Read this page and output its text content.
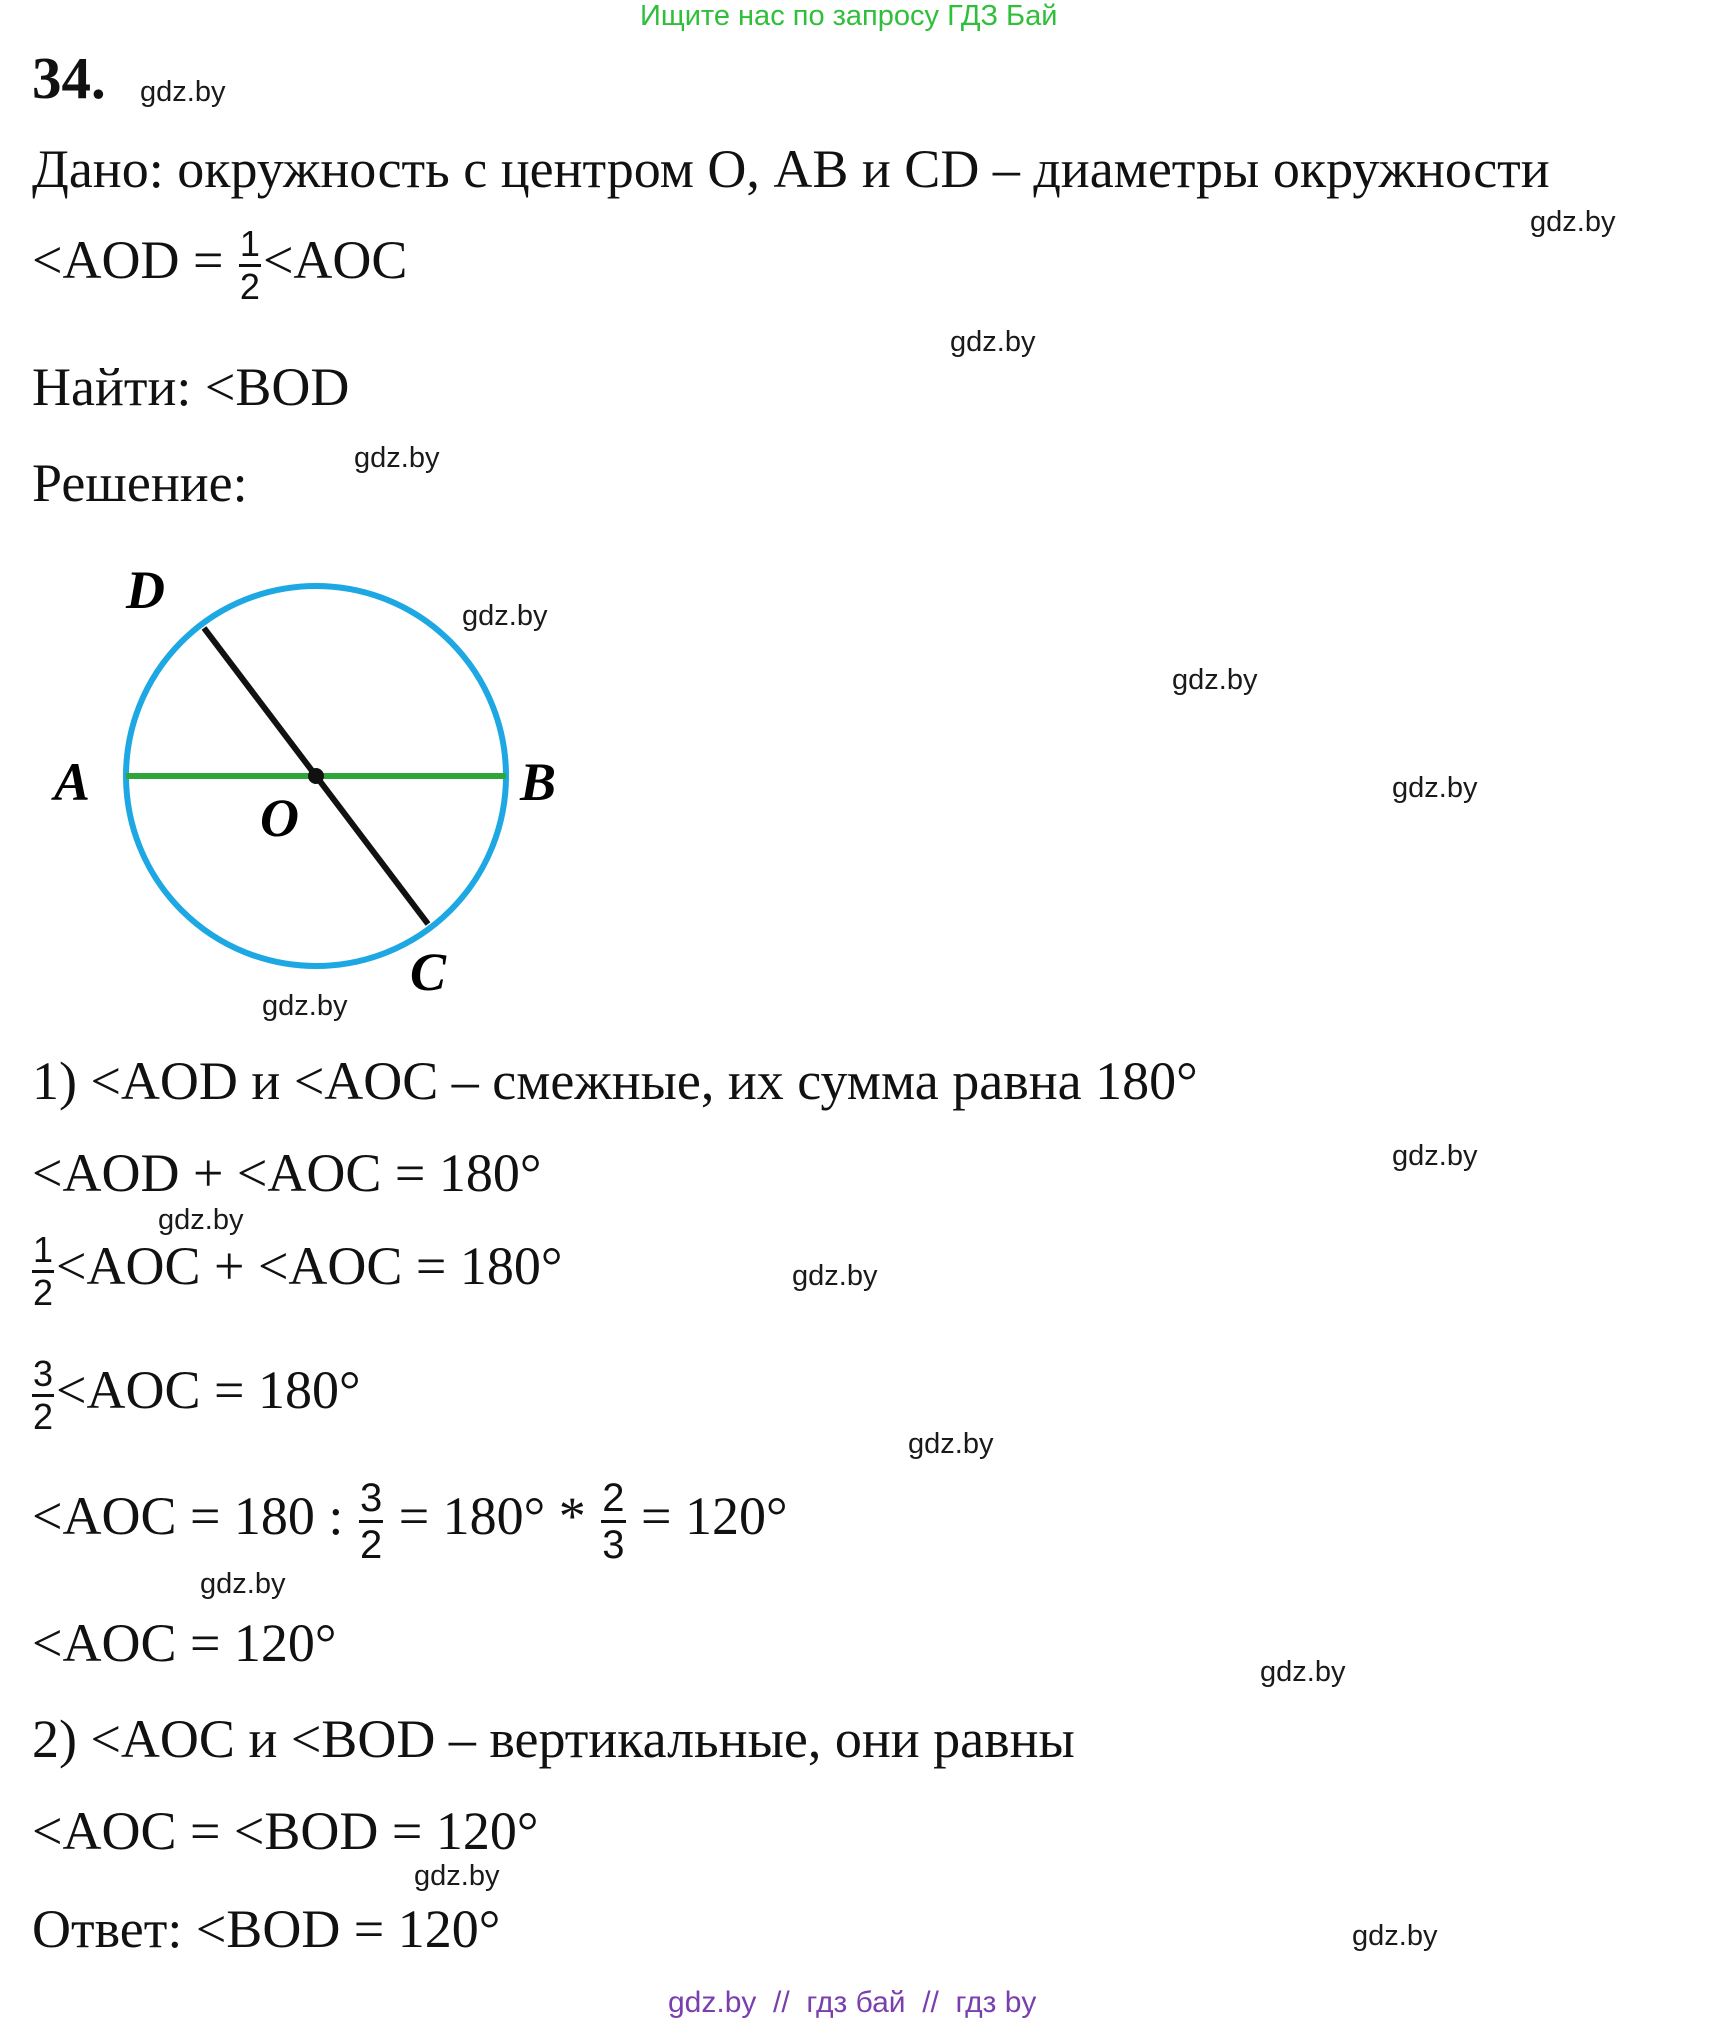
Ищите нас по запросу ГДЗ Бай
34. gdz.by
Дано: окружность с центром О, AB и CD – диаметры окружности
gdz.by
$<AOD = \frac{1}{2} <AOC$
gdz.by
Найти: <BOD
gdz.by
Решение:
D
A
O
B
C
gdz.by
gdz.by
gdz.by
gdz.by
1) <AOD и <AOC – смежные, их сумма равна 180°
<AOD + <AOC = 180°	gdz.by
gdz.by
$\frac{1}{2} <AOC + <AOC = 180^\circ$	gdz.by
$\frac{3}{2} <AOC = 180^\circ$
gdz.by
<AOC = 180 : $\frac{3}{2} = 180^\circ * \frac{2}{3} = 120^\circ$
gdz.by
<AOC = 120°	gdz.by
2) <AOC и <BOD – вертикальные, они равны
<AOC = <BOD = 120°
gdz.by
Ответ: <BOD = 120°	gdz.by
gdz.by  //  гдз бай  //  гдз by
